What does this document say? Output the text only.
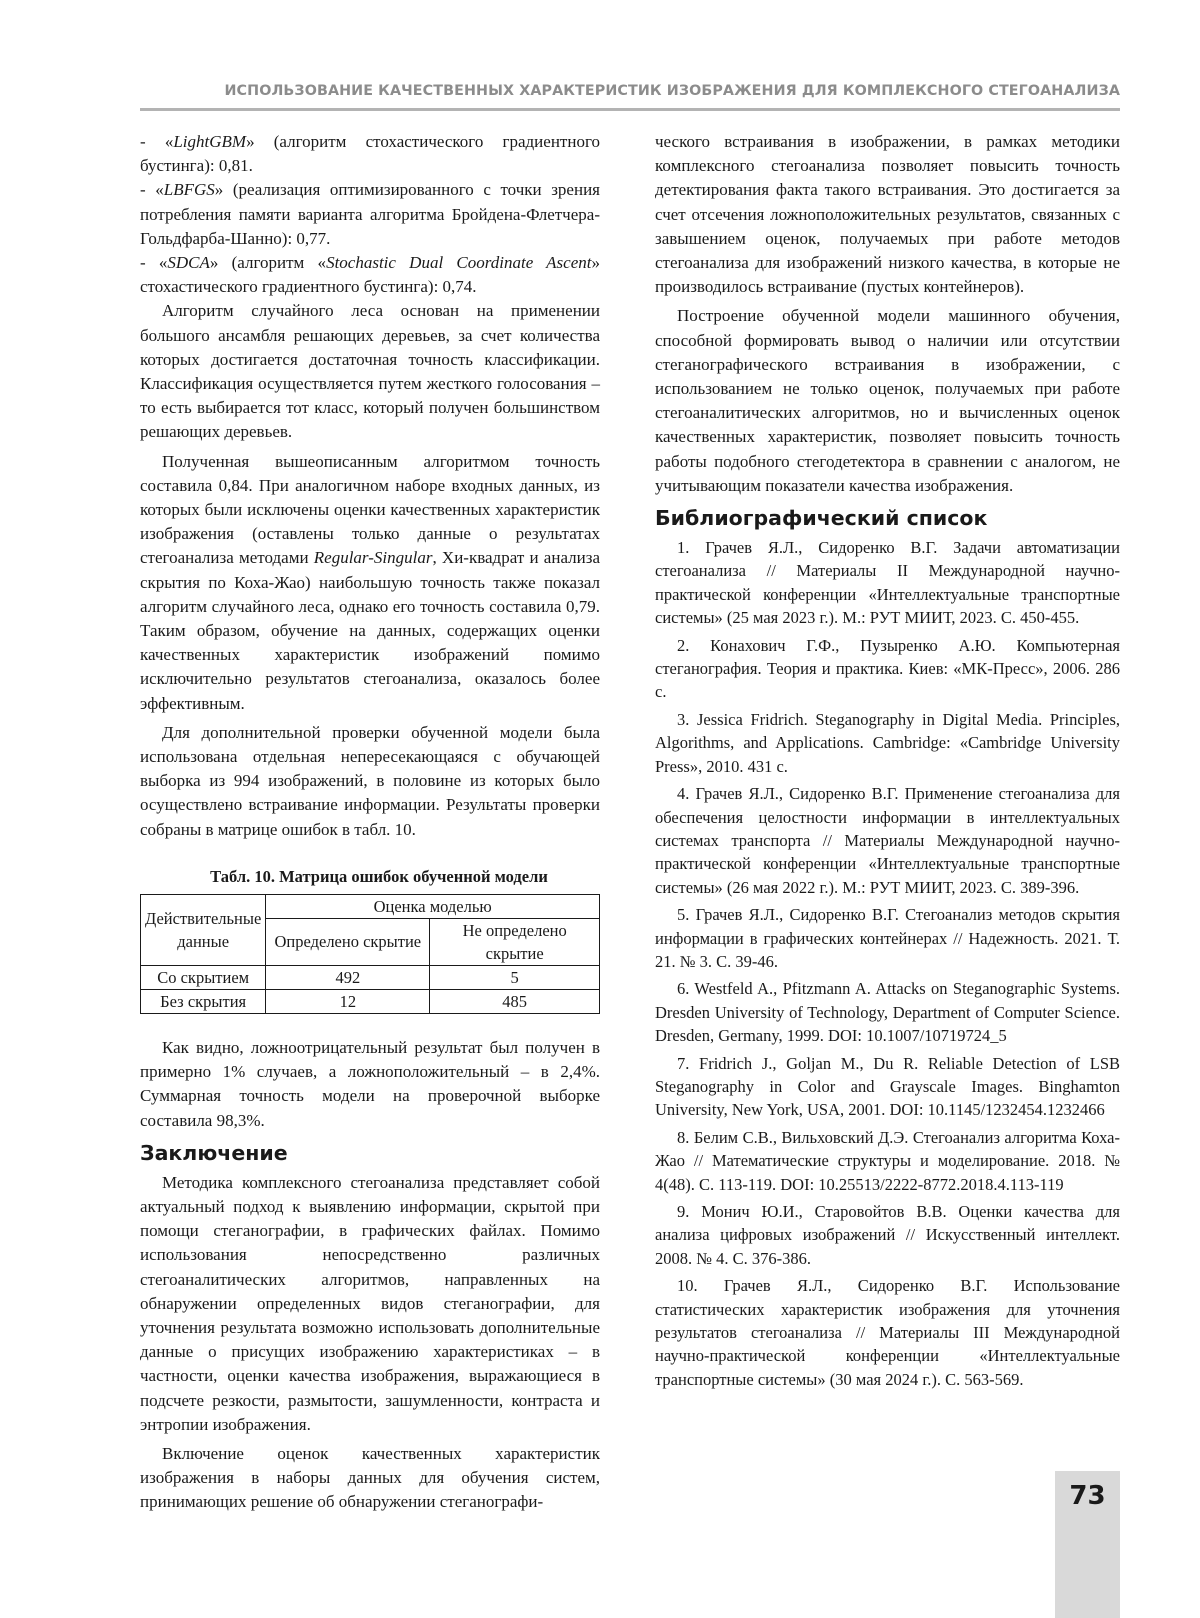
ИСПОЛЬЗОВАНИЕ КАЧЕСТВЕННЫХ ХАРАКТЕРИСТИК ИЗОБРАЖЕНИЯ ДЛЯ КОМПЛЕКСНОГО СТЕГОАНАЛИЗА

- «LightGBM» (алгоритм стохастического градиентного бустинга): 0,81.

- «LBFGS» (реализация оптимизированного с точки зрения потребления памяти варианта алгоритма Бройдена-Флетчера-Гольдфарба-Шанно): 0,77.

- «SDCA» (алгоритм «Stochastic Dual Coordinate Ascent» стохастического градиентного бустинга): 0,74.

Алгоритм случайного леса основан на применении большого ансамбля решающих деревьев, за счет количества которых достигается достаточная точность классификации. Классификация осуществляется путем жесткого голосования – то есть выбирается тот класс, который получен большинством решающих деревьев.

Полученная вышеописанным алгоритмом точность составила 0,84. При аналогичном наборе входных данных, из которых были исключены оценки качественных характеристик изображения (оставлены только данные о результатах стегоанализа методами Regular-Singular, Хи-квадрат и анализа скрытия по Коха-Жао) наибольшую точность также показал алгоритм случайного леса, однако его точность составила 0,79. Таким образом, обучение на данных, содержащих оценки качественных характеристик изображений помимо исключительно результатов стегоанализа, оказалось более эффективным.

Для дополнительной проверки обученной модели была использована отдельная непересекающаяся с обучающей выборка из 994 изображений, в половине из которых было осуществлено встраивание информации. Результаты проверки собраны в матрице ошибок в табл. 10.

Табл. 10. Матрица ошибок обученной модели
Действительные данные	Оценка моделью	
	Определено скрытие	Не определено скрытие
Со скрытием	492	5
Без скрытия	12	485

Как видно, ложноотрицательный результат был получен в примерно 1% случаев, а ложноположительный – в 2,4%. Суммарная точность модели на проверочной выборке составила 98,3%.

Заключение

Методика комплексного стегоанализа представляет собой актуальный подход к выявлению информации, скрытой при помощи стеганографии, в графических файлах. Помимо использования непосредственно различных стегоаналитических алгоритмов, направленных на обнаружении определенных видов стеганографии, для уточнения результата возможно использовать дополнительные данные о присущих изображению характеристиках – в частности, оценки качества изображения, выражающиеся в подсчете резкости, размытости, зашумленности, контраста и энтропии изображения.

Включение оценок качественных характеристик изображения в наборы данных для обучения систем, принимающих решение об обнаружении стеганографи-

ческого встраивания в изображении, в рамках методики комплексного стегоанализа позволяет повысить точность детектирования факта такого встраивания. Это достигается за счет отсечения ложноположительных результатов, связанных с завышением оценок, получаемых при работе методов стегоанализа для изображений низкого качества, в которые не производилось встраивание (пустых контейнеров).

Построение обученной модели машинного обучения, способной формировать вывод о наличии или отсутствии стеганографического встраивания в изображении, с использованием не только оценок, получаемых при работе стегоаналитических алгоритмов, но и вычисленных оценок качественных характеристик, позволяет повысить точность работы подобного стегодетектора в сравнении с аналогом, не учитывающим показатели качества изображения.

Библиографический список

1. Грачев Я.Л., Сидоренко В.Г. Задачи автоматизации стегоанализа // Материалы II Международной научно-практической конференции «Интеллектуальные транспортные системы» (25 мая 2023 г.). М.: РУТ МИИТ, 2023. С. 450-455.

2. Конахович Г.Ф., Пузыренко А.Ю. Компьютерная стеганография. Теория и практика. Киев: «МК-Пресс», 2006. 286 с.

3. Jessica Fridrich. Steganography in Digital Media. Principles, Algorithms, and Applications. Cambridge: «Cambridge University Press», 2010. 431 с.

4. Грачев Я.Л., Сидоренко В.Г. Применение стегоанализа для обеспечения целостности информации в интеллектуальных системах транспорта // Материалы Международной научно-практической конференции «Интеллектуальные транспортные системы» (26 мая 2022 г.). М.: РУТ МИИТ, 2023. С. 389-396.

5. Грачев Я.Л., Сидоренко В.Г. Стегоанализ методов скрытия информации в графических контейнерах // Надежность. 2021. Т. 21. № 3. С. 39-46.

6. Westfeld A., Pfitzmann A. Attacks on Steganographic Systems. Dresden University of Technology, Department of Computer Science. Dresden, Germany, 1999. DOI: 10.1007/10719724_5

7. Fridrich J., Goljan M., Du R. Reliable Detection of LSB Steganography in Color and Grayscale Images. Binghamton University, New York, USA, 2001. DOI: 10.1145/1232454.1232466

8. Белим С.В., Вильховский Д.Э. Стегоанализ алгоритма Коха-Жао // Математические структуры и моделирование. 2018. № 4(48). С. 113-119. DOI: 10.25513/2222-8772.2018.4.113-119

9. Монич Ю.И., Старовойтов В.В. Оценки качества для анализа цифровых изображений // Искусственный интеллект. 2008. № 4. С. 376-386.

10. Грачев Я.Л., Сидоренко В.Г. Использование статистических характеристик изображения для уточнения результатов стегоанализа // Материалы III Международной научно-практической конференции «Интеллектуальные транспортные системы» (30 мая 2024 г.). С. 563-569.

73
